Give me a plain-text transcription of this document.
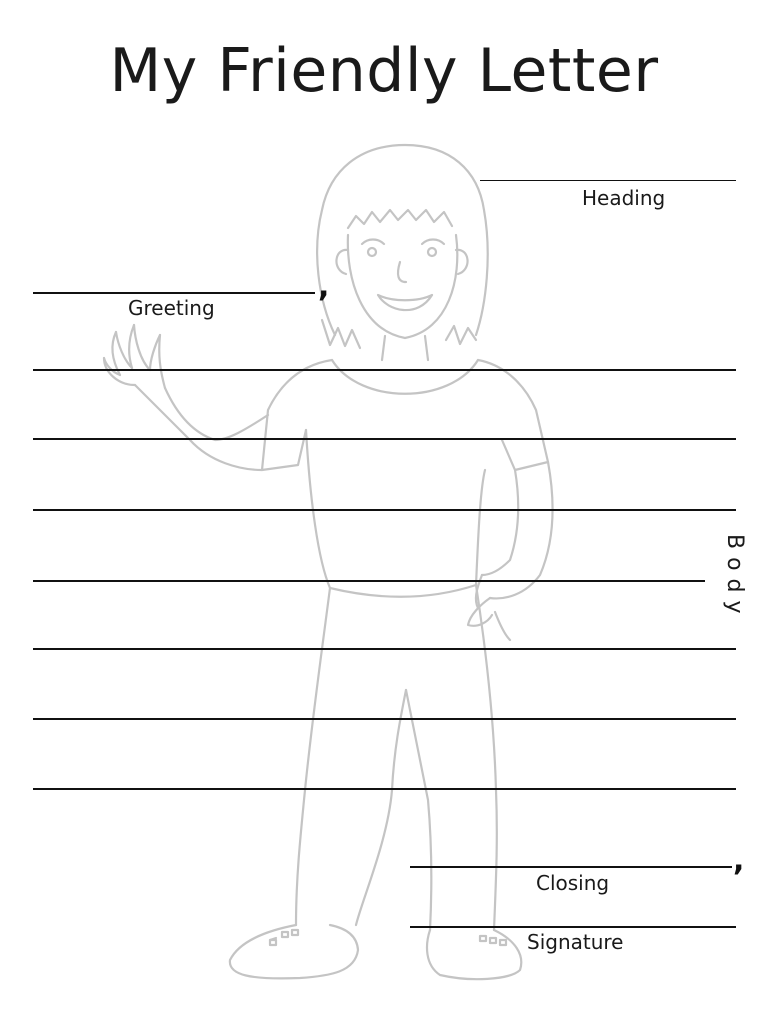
My Friendly Letter
Heading
,
Greeting
Body
,
Closing
Signature
